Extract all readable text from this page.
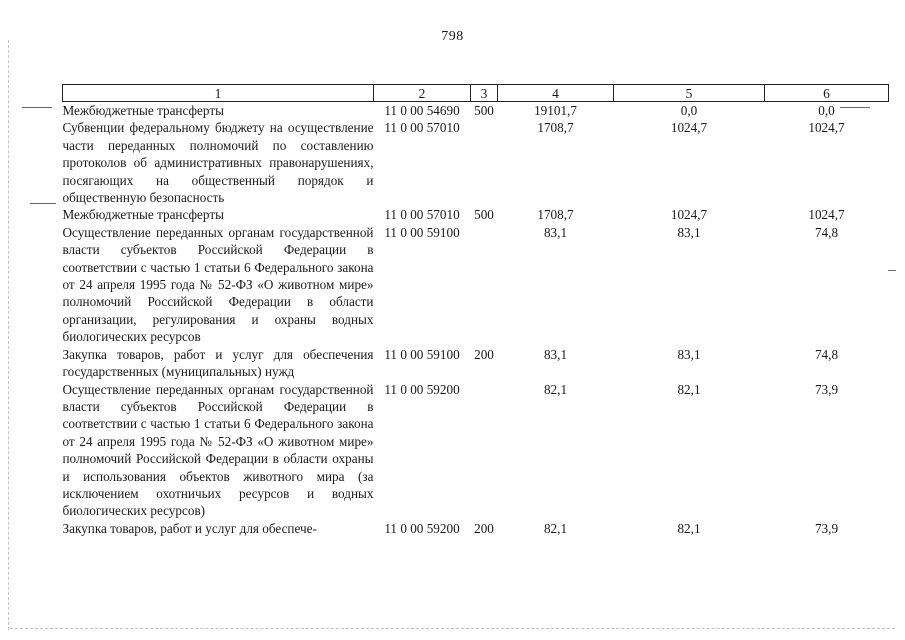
798
1	2	3	4	5	6
Межбюджетные трансферты	11 0 00 54690	500	19101,7	0,0	0,0
Субвенции федеральному бюджету на осуществление части переданных полномочий по составлению протоколов об административных правонарушениях, посягающих на общественный порядок и общественную безопасность	11 0 00 57010		1708,7	1024,7	1024,7
Межбюджетные трансферты	11 0 00 57010	500	1708,7	1024,7	1024,7
Осуществление переданных органам государственной власти субъектов Российской Федерации в соответствии с частью 1 статьи 6 Федерального закона от 24 апреля 1995 года № 52-ФЗ «О животном мире» полномочий Российской Федерации в области организации, регулирования и охраны водных биологических ресурсов	11 0 00 59100		83,1	83,1	74,8
Закупка товаров, работ и услуг для обеспечения государственных (муниципальных) нужд	11 0 00 59100	200	83,1	83,1	74,8
Осуществление переданных органам государственной власти субъектов Российской Федерации в соответствии с частью 1 статьи 6 Федерального закона от 24 апреля 1995 года № 52-ФЗ «О животном мире» полномочий Российской Федерации в области охраны и использования объектов животного мира (за исключением охотничьих ресурсов и водных биологических ресурсов)	11 0 00 59200		82,1	82,1	73,9
Закупка товаров, работ и услуг для обеспече-	11 0 00 59200	200	82,1	82,1	73,9
